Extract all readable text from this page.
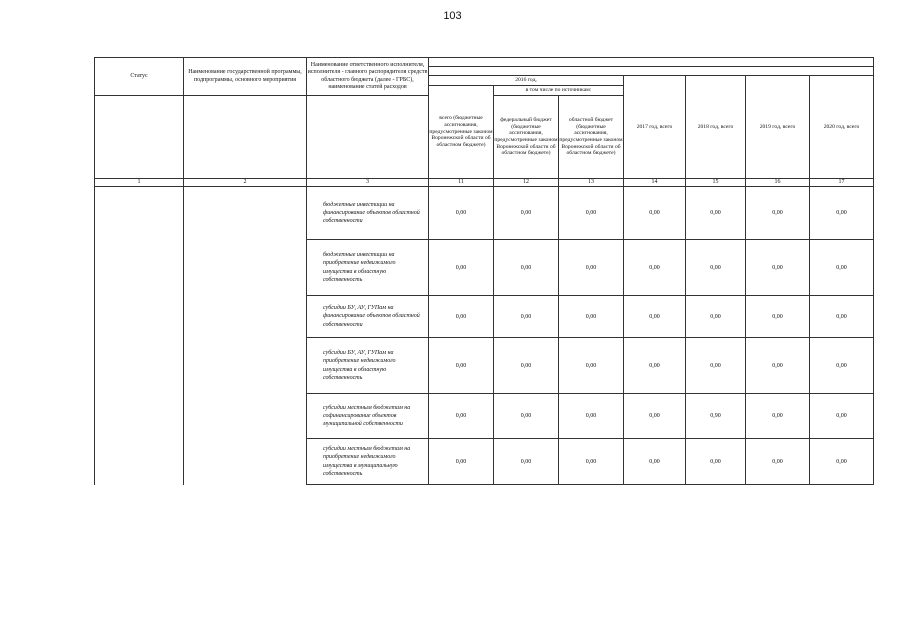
103
Статус	Наименование государственной программы, подпрограммы, основного мероприятия	Наименование ответственного исполнителя, исполнителя - главного распорядителя средств областного бюджета (далее - ГРБС), наименование статей расходов							

			2016 год,			2017 год, всего	2018 год, всего	2019 год, всего	2020 год, всего
			всего (бюджетные ассигнования, предусмотренные законом Воронежской области об областном бюджете)	в том числе по источникам:					
				федеральный бюджет (бюджетные ассигнования, предусмотренные законом Воронежской области об областном бюджете)	областной бюджет (бюджетные ассигнования, предусмотренные законом Воронежской области об областном бюджете)				
1	2	3	11	12	13	14	15	16	17
		бюджетные инвестиции на финансирование объектов областной собственности	0,00	0,00	0,00	0,00	0,00	0,00	0,00
		бюджетные инвестиции на приобретение недвижимого имущества в областную собственность	0,00	0,00	0,00	0,00	0,00	0,00	0,00
		субсидии БУ, АУ, ГУПам на финансирование объектов областной собственности	0,00	0,00	0,00	0,00	0,00	0,00	0,00
		субсидии БУ, АУ, ГУПам на приобретение недвижимого имущества в областную собственность	0,00	0,00	0,00	0,00	0,00	0,00	0,00
		субсидии местным бюджетам на софинансирование объектов муниципальной собственности	0,00	0,00	0,00	0,00	0,90	0,00	0,00
		субсидии местным бюджетам на приобретение недвижимого имущества в муниципальную собственность	0,00	0,00	0,00	0,00	0,00	0,00	0,00
